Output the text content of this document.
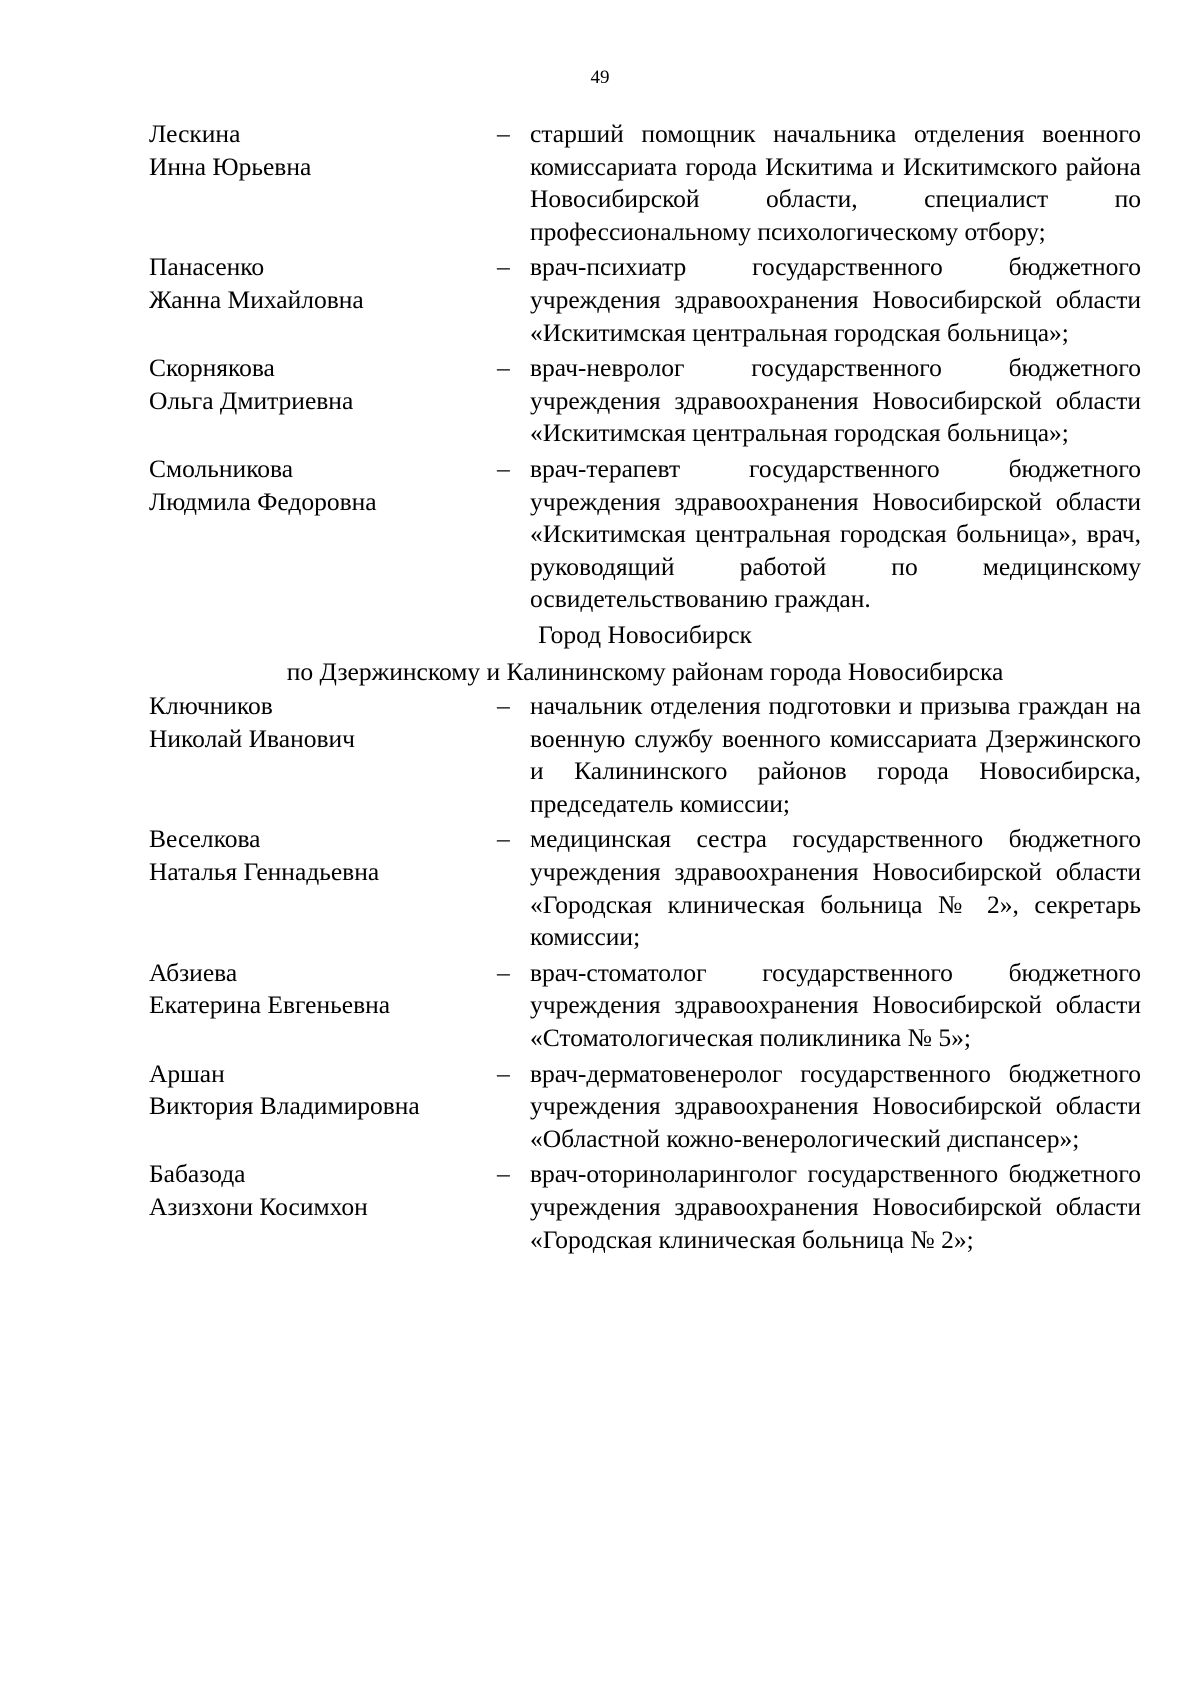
49
Лескина
Инна Юрьевна
– старший помощник начальника отделения военного комиссариата города Искитима и Искитимского района Новосибирской области, специалист по профессиональному психологическому отбору;
Панасенко
Жанна Михайловна
– врач-психиатр государственного бюджетного учреждения здравоохранения Новосибирской области «Искитимская центральная городская больница»;
Скорнякова
Ольга Дмитриевна
– врач-невролог государственного бюджетного учреждения здравоохранения Новосибирской области «Искитимская центральная городская больница»;
Смольникова
Людмила Федоровна
– врач-терапевт государственного бюджетного учреждения здравоохранения Новосибирской области «Искитимская центральная городская больница», врач, руководящий работой по медицинскому освидетельствованию граждан.
Город Новосибирск
по Дзержинскому и Калининскому районам города Новосибирска
Ключников
Николай Иванович
– начальник отделения подготовки и призыва граждан на военную службу военного комиссариата Дзержинского и Калининского районов города Новосибирска, председатель комиссии;
Веселкова
Наталья Геннадьевна
– медицинская сестра государственного бюджетного учреждения здравоохранения Новосибирской области «Городская клиническая больница № 2», секретарь комиссии;
Абзиева
Екатерина Евгеньевна
– врач-стоматолог государственного бюджетного учреждения здравоохранения Новосибирской области «Стоматологическая поликлиника № 5»;
Аршан
Виктория Владимировна
– врач-дерматовенеролог государственного бюджетного учреждения здравоохранения Новосибирской области «Областной кожно-венерологический диспансер»;
Бабазода
Азизхони Косимхон
– врач-оториноларинголог государственного бюджетного учреждения здравоохранения Новосибирской области «Городская клиническая больница № 2»;
